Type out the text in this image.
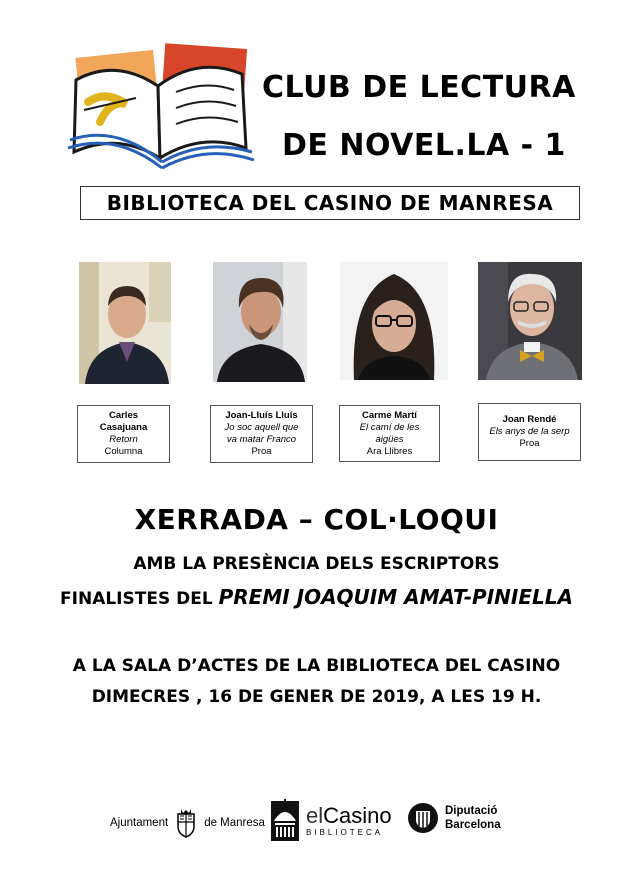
CLUB DE LECTURA
DE NOVEL.LA - 1
BIBLIOTECA DEL CASINO DE MANRESA
Carles
Casajuana
Retorn
Columna
Joan-Lluís Lluís
Jo soc aquell que
va matar Franco
Proa
Carme Martí
El camí de les
aigües
Ara Llibres
Joan Rendé
Els anys de la serp
Proa
XERRADA – COL·LOQUI
AMB LA PRESÈNCIA DELS ESCRIPTORS
FINALISTES DEL PREMI JOAQUIM AMAT-PINIELLA
A LA SALA D’ACTES DE LA BIBLIOTECA DEL CASINO
DIMECRES , 16 DE GENER DE 2019, A LES 19 H.
Ajuntament	de Manresa elCasino
BIBLIOTECA
Diputació
Barcelona
